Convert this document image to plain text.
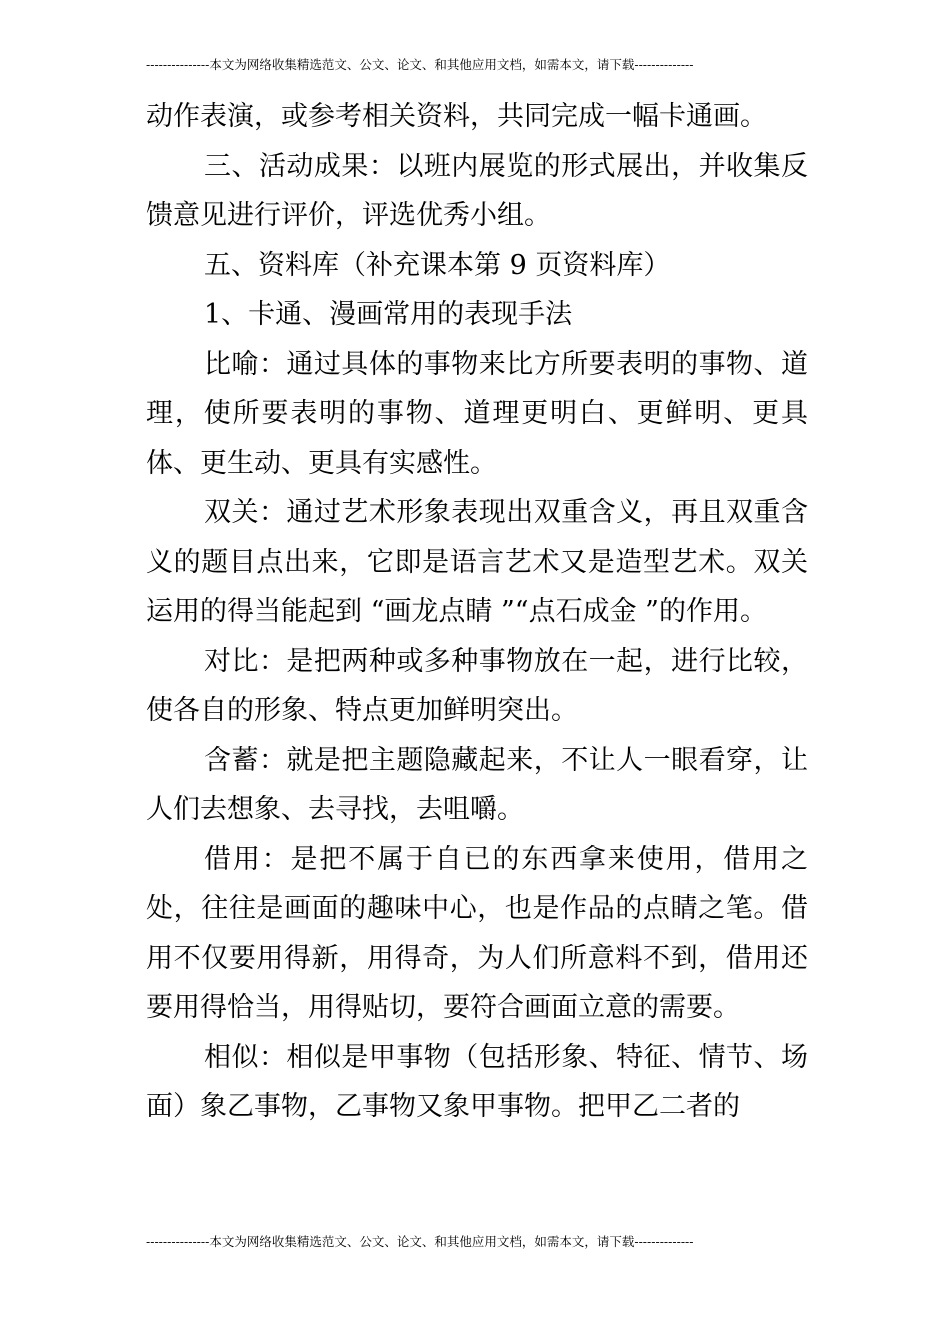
---------------本文为网络收集精选范文、公文、论文、和其他应用文档，如需本文，请下载--------------

动作表演，或参考相关资料，共同完成一幅卡通画。

三、活动成果：以班内展览的形式展出，并收集反馈意见进行评价，评选优秀小组。

五、资料库（补充课本第 9 页资料库）

1、卡通、漫画常用的表现手法

比喻：通过具体的事物来比方所要表明的事物、道理，使所要表明的事物、道理更明白、更鲜明、更具体、更生动、更具有实感性。

双关：通过艺术形象表现出双重含义，再且双重含义的题目点出来，它即是语言艺术又是造型艺术。双关运用的得当能起到 “画龙点睛 ”“点石成金 ”的作用。

对比：是把两种或多种事物放在一起，进行比较，使各自的形象、特点更加鲜明突出。

含蓄：就是把主题隐藏起来，不让人一眼看穿，让人们去想象、去寻找，去咀嚼。

借用：是把不属于自已的东西拿来使用，借用之处，往往是画面的趣味中心，也是作品的点睛之笔。借用不仅要用得新，用得奇，为人们所意料不到，借用还要用得恰当，用得贴切，要符合画面立意的需要。

相似：相似是甲事物（包括形象、特征、情节、场面）象乙事物，乙事物又象甲事物。把甲乙二者的

---------------本文为网络收集精选范文、公文、论文、和其他应用文档，如需本文，请下载--------------
